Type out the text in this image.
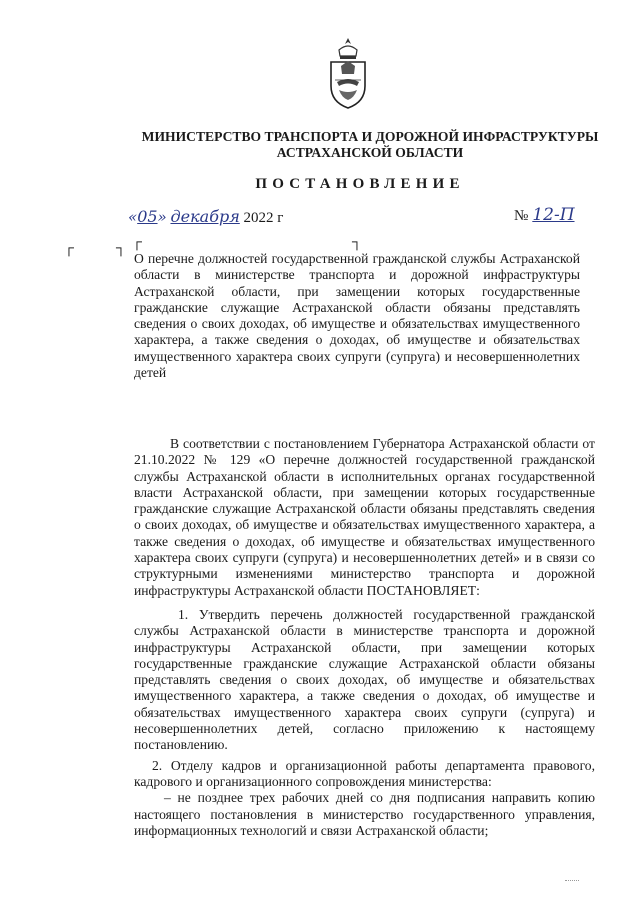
МИНИСТЕРСТВО ТРАНСПОРТА И ДОРОЖНОЙ ИНФРАСТРУКТУРЫ
АСТРАХАНСКОЙ ОБЛАСТИ
ПОСТАНОВЛЕНИЕ
«05» декабря 2022 г	№ 12-П
┌	┐ ┌	┐
О перечне должностей государственной гражданской службы Астраханской области в министерстве транспорта и дорожной инфраструктуры Астраханской области, при замещении которых государственные гражданские служащие Астраханской области обязаны представлять сведения о своих доходах, об имуществе и обязательствах имущественного характера, а также сведения о доходах, об имуществе и обязательствах имущественного характера своих супруги (супруга) и несовершеннолетних детей

В соответствии с постановлением Губернатора Астраханской области от 21.10.2022 № 129 «О перечне должностей государственной гражданской службы Астраханской области в исполнительных органах государственной власти Астраханской области, при замещении которых государственные гражданские служащие Астраханской области обязаны представлять сведения о своих доходах, об имуществе и обязательствах имущественного характера, а также сведения о доходах, об имуществе и обязательствах имущественного характера своих супруги (супруга) и несовершеннолетних детей» и в связи со структурными изменениями министерство транспорта и дорожной инфраструктуры Астраханской области ПОСТАНОВЛЯЕТ:

1. Утвердить перечень должностей государственной гражданской службы Астраханской области в министерстве транспорта и дорожной инфраструктуры Астраханской области, при замещении которых государственные гражданские служащие Астраханской области обязаны представлять сведения о своих доходах, об имуществе и обязательствах имущественного характера, а также сведения о доходах, об имуществе и обязательствах имущественного характера своих супруги (супруга) и несовершеннолетних детей, согласно приложению к настоящему постановлению.

2. Отделу кадров и организационной работы департамента правового, кадрового и организационного сопровождения министерства:

– не позднее трех рабочих дней со дня подписания направить копию настоящего постановления в министерство государственного управления, информационных технологий и связи Астраханской области;
